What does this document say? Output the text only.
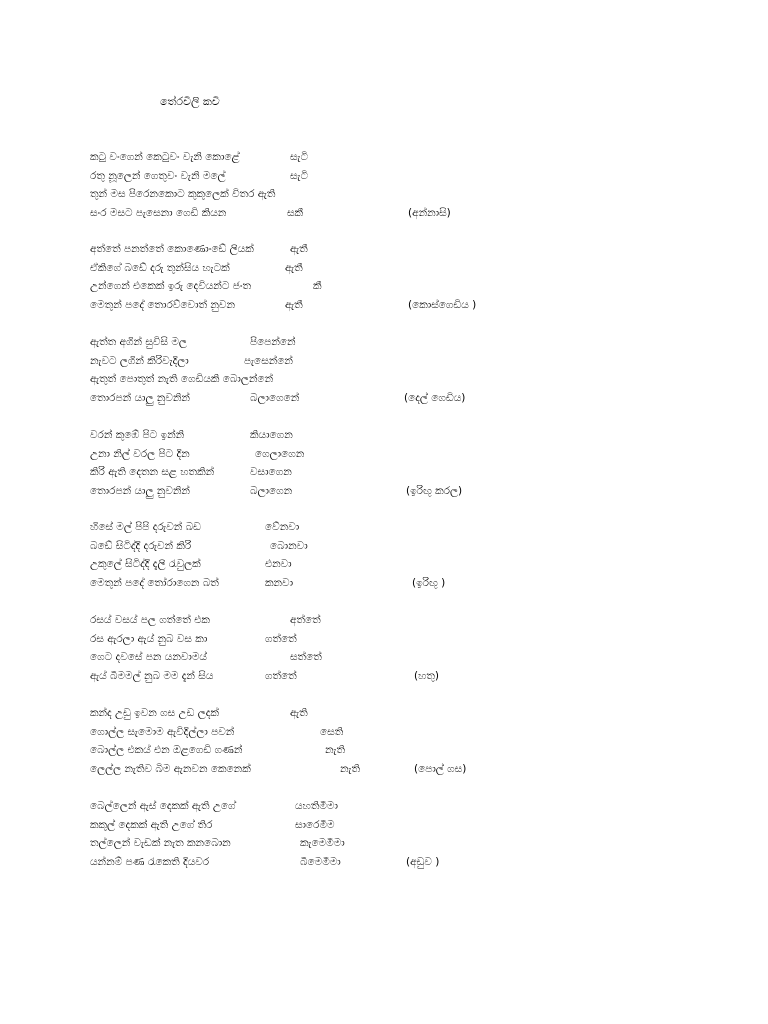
තේරවිලි කවි
කටු වංගෙන් කෙටුවං වැනි කොළේ	සැටි
රතු නූලෙන් ගෙතුවං වැනි මලේ	සැටි
තුන් මස පිරෙනකොට කුකුලෙක් විතර ඇති
සංර මසට පැසෙනා ගෙඩි කියන	සකී	(අන්නාසි)
අත්තේ පනත්තේ කොණොංඩේ ලියක්	ඇතී
ඒකිගේ බඩේ දරු තුන්සිය හැටක්	ඇතී
උන්ගෙන් එකෙක් ඉරු දෙවියන්ට ජංත	කී
මෙතුන් පදේ තොරව්වොත් නුවන	ඇතී	(කොස්ගෙඩිය )
ඇත්ත අගින් සුවිසි මල	පිපෙන්නේ
නැවට ලගින් කිරිවැදිලා	පැසෙන්නේ
ඇතුත් පොතුත් නැති ගෙඩියකි බොලන්නේ
තොරපන් යාලු නුවනින්	බලාගෙනේ	(දෙල් ගෙඩිය)
වරන් කුඹේ පිට ඉන්නි	කියාගෙන
උනා නිල් වරල පිට දින	ගෙලාගෙන
කිරි ඇති දෙතන සළ හතකින්	වසාගෙන
තොරපන් යාලු නුවනින්	බලාගෙන	(ඉරිඟු කරල)
හිසේ මල් පිපි දරුවන් බඩ	වේනවා
බඩේ සිටිද්දි දරුවන් කිරි	බොනවා
උකුලේ සිටිද්දි දැලි රැවුලක්	එනවා
මෙතුන් පදේ තෝරාගෙන බත්	කනවා	(ඉරිඟු )
රසය් වසය් පල ගත්තේ එක	අත්තේ
රස ඇරලා ඇය් නුබ වස කා	ගත්තේ
ගෙට දවසේ පන යනවාමය්	සත්තේ
ඇය් බීමමල් නුබ මම දැන් සිය	ගත්තේ	(හතු)
කන්ද උඩු ඉවන ගස උඩ ලදක්	ඇති
ගොල්ල සැමොම ඇවිදිල්ලා පවන්	සෙති
බොල්ල එකය් එන ඔළගෙඩි ගණන්	නැති
ලෙල්ල නැතිව බිම ඇනවන කෙනෙක්	නැති	(පොල් ගස)
බෙල්ලෙන් ඇස් දෙකක් ඇති උගේ	යහතිමීමා
කකුල් දෙකක් ඇති උගේ තිර	සාරෙමීම
තල්ලෙන් වැඩක් නැත කනබොන	කැමෙමීමා
යන්නම් පණ රැකෙති දියවර	බීමෙමීමා	(අඩුව )
